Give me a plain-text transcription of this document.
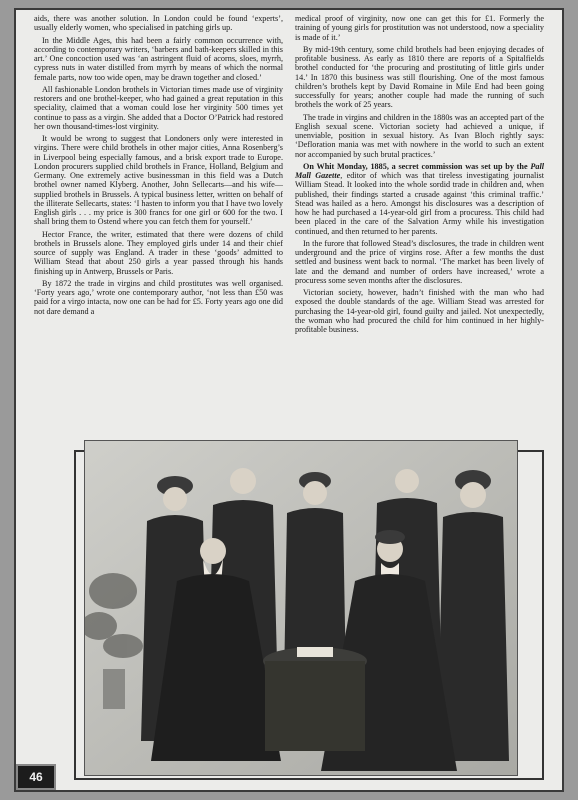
aids, there was another solution. In London could be found ‘experts’, usually elderly women, who specialised in patching girls up.

In the Middle Ages, this had been a fairly common occurrence with, according to contemporary writers, ‘barbers and bath-keepers skilled in this art.’ One concoction used was ‘an astringent fluid of acorns, sloes, myrrh, cypress nuts in water distilled from myrrh by means of which the normal female parts, now too wide open, may be drawn together and closed.’

All fashionable London brothels in Victorian times made use of virginity restorers and one brothel-keeper, who had gained a great reputation in this speciality, claimed that a woman could lose her virginity 500 times yet continue to pass as a virgin. She added that a Doctor O’Patrick had restored her own thousand-times-lost virginity.

It would be wrong to suggest that Londoners only were interested in virgins. There were child brothels in other major cities, Anna Rosenberg’s in Liverpool being especially famous, and a brisk export trade to Europe. London procurers supplied child brothels in France, Holland, Belgium and Germany. One extremely active businessman in this field was a Dutch brothel owner named Klyberg. Another, John Sellecarts—and his wife—supplied brothels in Brussels. A typical business letter, written on behalf of the illiterate Sellecarts, states: ‘I hasten to inform you that I have two lovely English girls . . . my price is 300 francs for one girl or 600 for the two. I shall bring them to Ostend where you can fetch them for yourself.’

Hector France, the writer, estimated that there were dozens of child brothels in Brussels alone. They employed girls under 14 and their chief source of supply was England. A trader in these ‘goods’ admitted to William Stead that about 250 girls a year passed through his hands finishing up in Antwerp, Brussels or Paris.

By 1872 the trade in virgins and child prostitutes was well organised. ‘Forty years ago,’ wrote one contemporary author, ‘not less than £50 was paid for a virgo intacta, now one can be had for £5. Forty years ago one did not dare demand a

medical proof of virginity, now one can get this for £1. Formerly the training of young girls for prostitution was not understood, now a speciality is made of it.’

By mid-19th century, some child brothels had been enjoying decades of profitable business. As early as 1810 there are reports of a Spitalfields brothel conducted for ‘the procuring and prostituting of little girls under 14.’ In 1870 this business was still flourishing. One of the most famous children’s brothels kept by David Romaine in Mile End had been going successfully for years; another couple had made the running of such brothels the work of 25 years.

The trade in virgins and children in the 1880s was an accepted part of the English sexual scene. Victorian society had achieved a unique, if unenviable, position in sexual history. As Ivan Bloch rightly says: ‘Defloration mania was met with nowhere in the world to such an extent nor accompanied by such brutal practices.’

On Whit Monday, 1885, a secret commission was set up by the Pall Mall Gazette, editor of which was that tireless investigating journalist William Stead. It looked into the whole sordid trade in children and, when published, their findings started a crusade against ‘this criminal traffic.’ Stead was hailed as a hero. Amongst his disclosures was a description of how he had purchased a 14-year-old girl from a procuress. This child had been placed in the care of the Salvation Army while his investigation continued, and then returned to her parents.

In the furore that followed Stead’s disclosures, the trade in children went underground and the price of virgins rose. After a few months the dust settled and business went back to normal. ‘The market has been lively of late and the demand and number of orders have increased,’ wrote a procuress some seven months after the disclosures.

Victorian society, however, hadn’t finished with the man who had exposed the double standards of the age. William Stead was arrested for purchasing the 14-year-old girl, found guilty and jailed. Not unexpectedly, the woman who had procured the child for him continued in her highly-profitable business.

46
